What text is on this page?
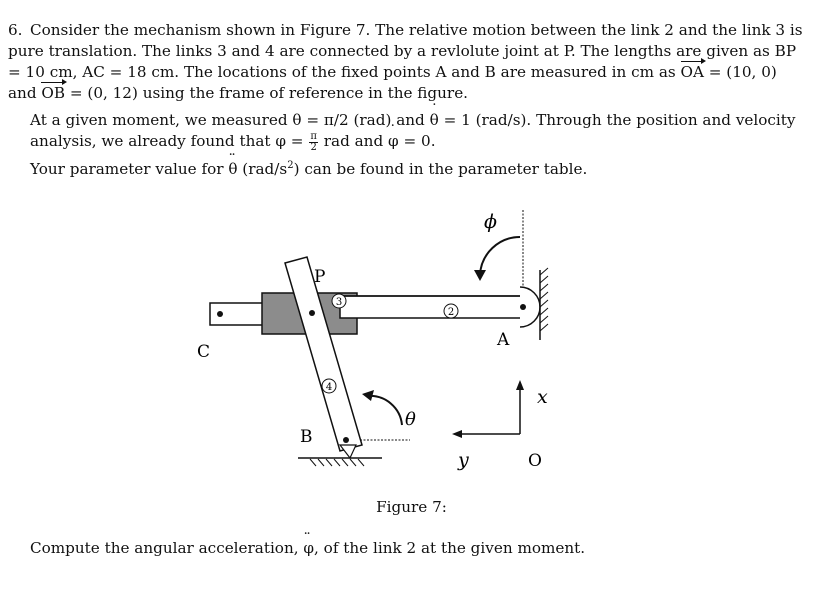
6. Consider the mechanism shown in Figure 7. The relative motion between the link 2 and the link 3 is pure translation. The links 3 and 4 are connected by a revlolute joint at P. The lengths are given as BP = 10 cm, AC = 18 cm. The locations of the fixed points A and B are measured in cm as OA = (10, 0) and OB = (0, 12) using the frame of reference in the figure.

At a given moment, we measured θ = π/2 (rad) and θ ˙ = 1 (rad/s). Through the position and velocity analysis, we already found that $\varphi = \frac{\pi}{2}$ rad and φ ˙ = 0.

Your parameter value for θ ¨ $(rad/s^2)$ can be found in the parameter table.

3
2
4
P
C
A
B
O
x
y
θ
ϕ
Figure 7:
Compute the angular acceleration, φ ¨, of the link 2 at the given moment.
